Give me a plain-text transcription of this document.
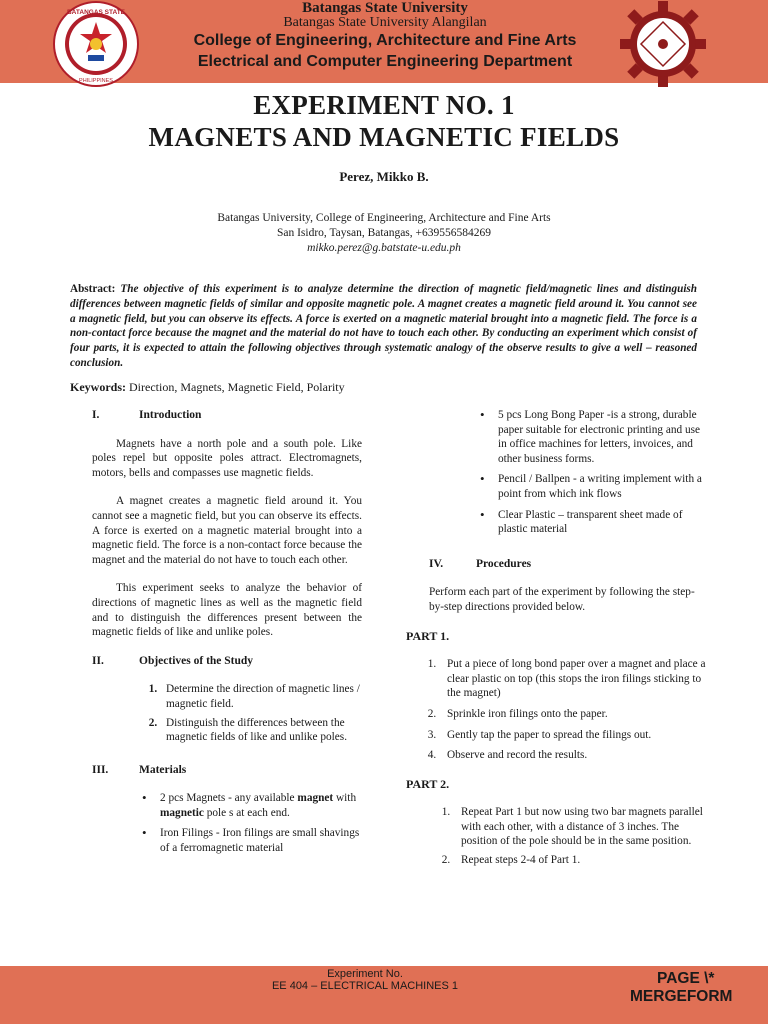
BATANGAS STATE
PHILIPPINES
Batangas State University
Batangas State University Alangilan
College of Engineering, Architecture and Fine Arts
Electrical and Computer Engineering Department
EXPERIMENT NO. 1
MAGNETS AND MAGNETIC FIELDS
Perez, Mikko B.
Batangas University, College of Engineering, Architecture and Fine Arts
San Isidro, Taysan, Batangas, +639556584269
mikko.perez@g.batstate-u.edu.ph
Abstract: The objective of this experiment is to analyze determine the direction of magnetic field/magnetic lines and distinguish differences between magnetic fields of similar and opposite magnetic pole. A magnet creates a magnetic field around it. You cannot see a magnetic field, but you can observe its effects. A force is exerted on a magnetic material brought into a magnetic field. The force is a non-contact force because the magnet and the material do not have to touch each other. By conducting an experiment which consist of four parts, it is expected to attain the following objectives through systematic analogy of the observe results to give a well – reasoned conclusion.
Keywords: Direction, Magnets, Magnetic Field, Polarity

I.	Introduction

Magnets have a north pole and a south pole. Like poles repel but opposite poles attract. Electromagnets, motors, bells and compasses use magnetic fields.

A magnet creates a magnetic field around it. You cannot see a magnetic field, but you can observe its effects. A force is exerted on a magnetic material brought into a magnetic field. The force is a non-contact force because the magnet and the material do not have to touch each other.

This experiment seeks to analyze the behavior of directions of magnetic lines as well as the magnetic field and to distinguish the differences present between the magnetic fields of like and unlike poles.

II.	Objectives of the Study

1. Determine the direction of magnetic lines / magnetic field.
2. Distinguish the differences between the magnetic fields of like and unlike poles.

III.	Materials

• 2 pcs Magnets - any available magnet with magnetic pole s at each end.
• Iron Filings - Iron filings are small shavings of a ferromagnetic material
• 5 pcs Long Bong Paper -is a strong, durable paper suitable for electronic printing and use in office machines for letters, invoices, and other business forms.
• Pencil / Ballpen - a writing implement with a point from which ink flows
• Clear Plastic – transparent sheet made of plastic material

IV.	Procedures

Perform each part of the experiment by following the step-by-step directions provided below.

PART 1.

1. Put a piece of long bond paper over a magnet and place a clear plastic on top (this stops the iron filings sticking to the magnet)
2. Sprinkle iron filings onto the paper.
3. Gently tap the paper to spread the filings out.
4. Observe and record the results.

PART 2.

1. Repeat Part 1 but now using two bar magnets parallel with each other, with a distance of 3 inches. The position of the pole should be in the same position.
2. Repeat steps 2-4 of Part 1.
Experiment No.
EE 404 – ELECTRICAL MACHINES 1	PAGE \*
MERGEFORM
